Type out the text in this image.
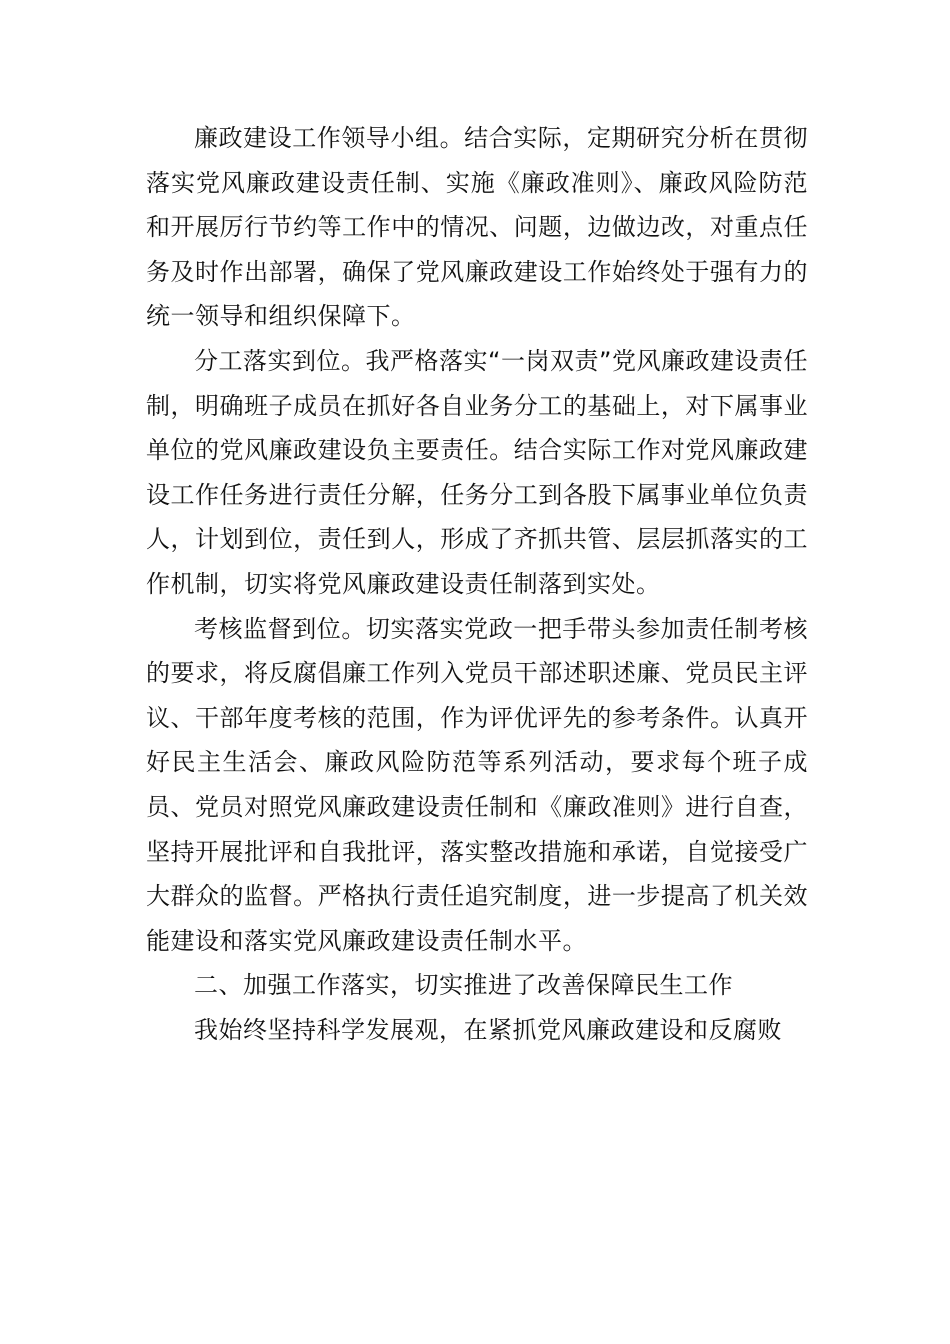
廉政建设工作领导小组。结合实际，定期研究分析在贯彻落实党风廉政建设责任制、实施《廉政准则》、廉政风险防范和开展厉行节约等工作中的情况、问题，边做边改，对重点任务及时作出部署，确保了党风廉政建设工作始终处于强有力的统一领导和组织保障下。

分工落实到位。我严格落实“一岗双责”党风廉政建设责任制，明确班子成员在抓好各自业务分工的基础上，对下属事业单位的党风廉政建设负主要责任。结合实际工作对党风廉政建设工作任务进行责任分解，任务分工到各股下属事业单位负责人，计划到位，责任到人，形成了齐抓共管、层层抓落实的工作机制，切实将党风廉政建设责任制落到实处。

考核监督到位。切实落实党政一把手带头参加责任制考核的要求，将反腐倡廉工作列入党员干部述职述廉、党员民主评议、干部年度考核的范围，作为评优评先的参考条件。认真开好民主生活会、廉政风险防范等系列活动，要求每个班子成员、党员对照党风廉政建设责任制和《廉政准则》进行自查，坚持开展批评和自我批评，落实整改措施和承诺，自觉接受广大群众的监督。严格执行责任追究制度，进一步提高了机关效能建设和落实党风廉政建设责任制水平。

二、加强工作落实，切实推进了改善保障民生工作

我始终坚持科学发展观，在紧抓党风廉政建设和反腐败
